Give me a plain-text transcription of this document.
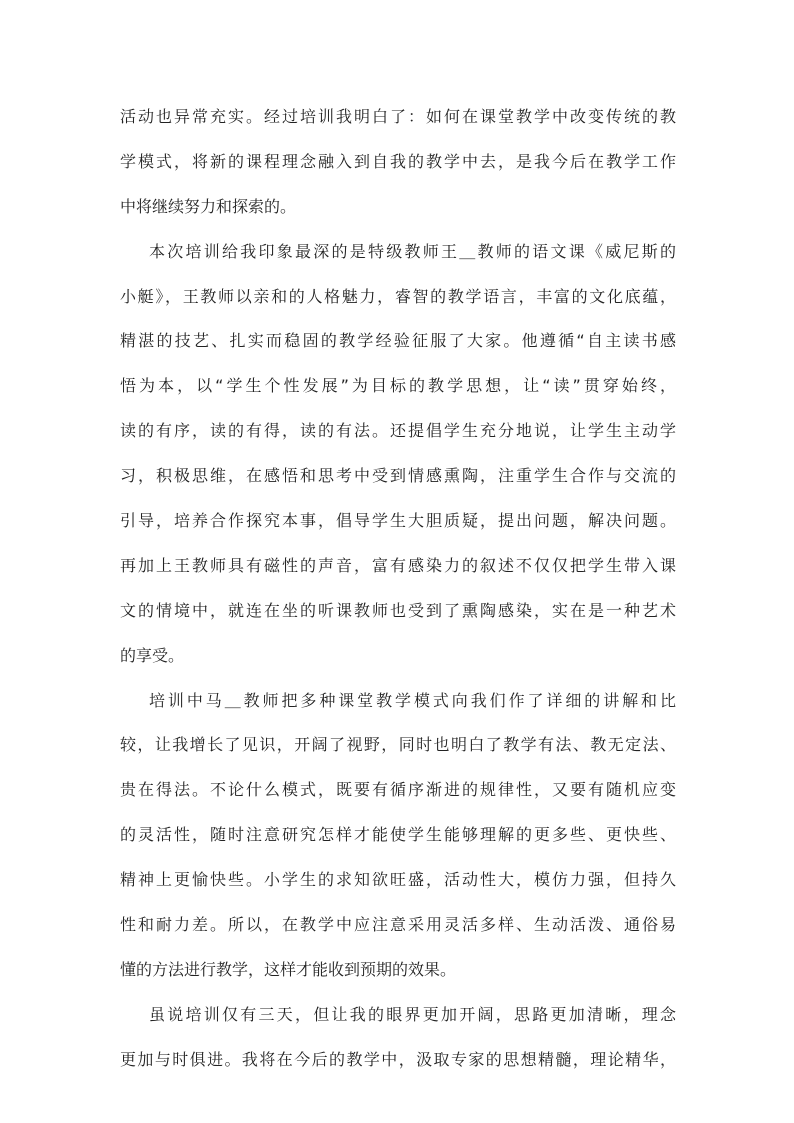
活动也异常充实。经过培训我明白了：如何在课堂教学中改变传统的教
学模式，将新的课程理念融入到自我的教学中去，是我今后在教学工作
中将继续努力和探索的。
本次培训给我印象最深的是特级教师王＿教师的语文课《威尼斯的
小艇》，王教师以亲和的人格魅力，睿智的教学语言，丰富的文化底蕴，
精湛的技艺、扎实而稳固的教学经验征服了大家。他遵循“自主读书感
悟为本，以“学生个性发展”为目标的教学思想，让“读”贯穿始终，
读的有序，读的有得，读的有法。还提倡学生充分地说，让学生主动学
习，积极思维，在感悟和思考中受到情感熏陶，注重学生合作与交流的
引导，培养合作探究本事，倡导学生大胆质疑，提出问题，解决问题。
再加上王教师具有磁性的声音，富有感染力的叙述不仅仅把学生带入课
文的情境中，就连在坐的听课教师也受到了熏陶感染，实在是一种艺术
的享受。
培训中马＿教师把多种课堂教学模式向我们作了详细的讲解和比
较，让我增长了见识，开阔了视野，同时也明白了教学有法、教无定法、
贵在得法。不论什么模式，既要有循序渐进的规律性，又要有随机应变
的灵活性，随时注意研究怎样才能使学生能够理解的更多些、更快些、
精神上更愉快些。小学生的求知欲旺盛，活动性大，模仿力强，但持久
性和耐力差。所以，在教学中应注意采用灵活多样、生动活泼、通俗易
懂的方法进行教学，这样才能收到预期的效果。
虽说培训仅有三天，但让我的眼界更加开阔，思路更加清晰，理念
更加与时俱进。我将在今后的教学中，汲取专家的思想精髓，理论精华，
